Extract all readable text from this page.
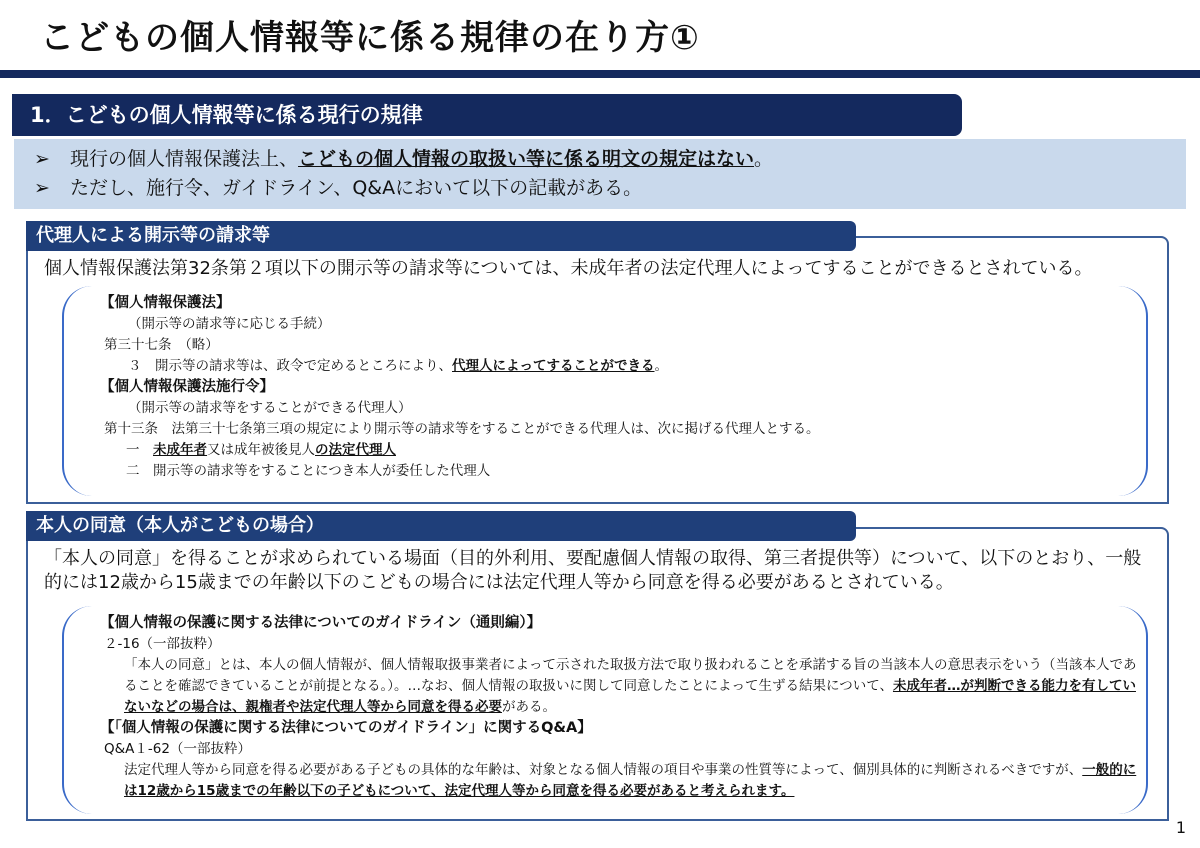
こどもの個人情報等に係る規律の在り方①
1．こどもの個人情報等に係る現行の規律
➢ 現行の個人情報保護法上、こどもの個人情報の取扱い等に係る明文の規定はない。
➢ ただし、施行令、ガイドライン、Q&Aにおいて以下の記載がある。
代理人による開示等の請求等
個人情報保護法第32条第２項以下の開示等の請求等については、未成年者の法定代理人によってすることができるとされている。
【個人情報保護法】
（開示等の請求等に応じる手続）
第三十七条　（略）
３　開示等の請求等は、政令で定めるところにより、代理人によってすることができる。
【個人情報保護法施行令】
（開示等の請求等をすることができる代理人）
第十三条　法第三十七条第三項の規定により開示等の請求等をすることができる代理人は、次に掲げる代理人とする。
一　未成年者又は成年被後見人の法定代理人
二　開示等の請求等をすることにつき本人が委任した代理人
本人の同意（本人がこどもの場合）
「本人の同意」を得ることが求められている場面（目的外利用、要配慮個人情報の取得、第三者提供等）について、以下のとおり、一般的には12歳から15歳までの年齢以下のこどもの場合には法定代理人等から同意を得る必要があるとされている。
【個人情報の保護に関する法律についてのガイドライン（通則編）】
２-16（一部抜粋）
「本人の同意」とは、本人の個人情報が、個人情報取扱事業者によって示された取扱方法で取り扱われることを承諾する旨の当該本人の意思表示をいう（当該本人であることを確認できていることが前提となる。）。…なお、個人情報の取扱いに関して同意したことによって生ずる結果について、未成年者…が判断できる能力を有していないなどの場合は、親権者や法定代理人等から同意を得る必要がある。
【「個人情報の保護に関する法律についてのガイドライン」に関するQ&A】
Q&A１-62（一部抜粋）
法定代理人等から同意を得る必要がある子どもの具体的な年齢は、対象となる個人情報の項目や事業の性質等によって、個別具体的に判断されるべきですが、一般的には12歳から15歳までの年齢以下の子どもについて、法定代理人等から同意を得る必要があると考えられます。
1
